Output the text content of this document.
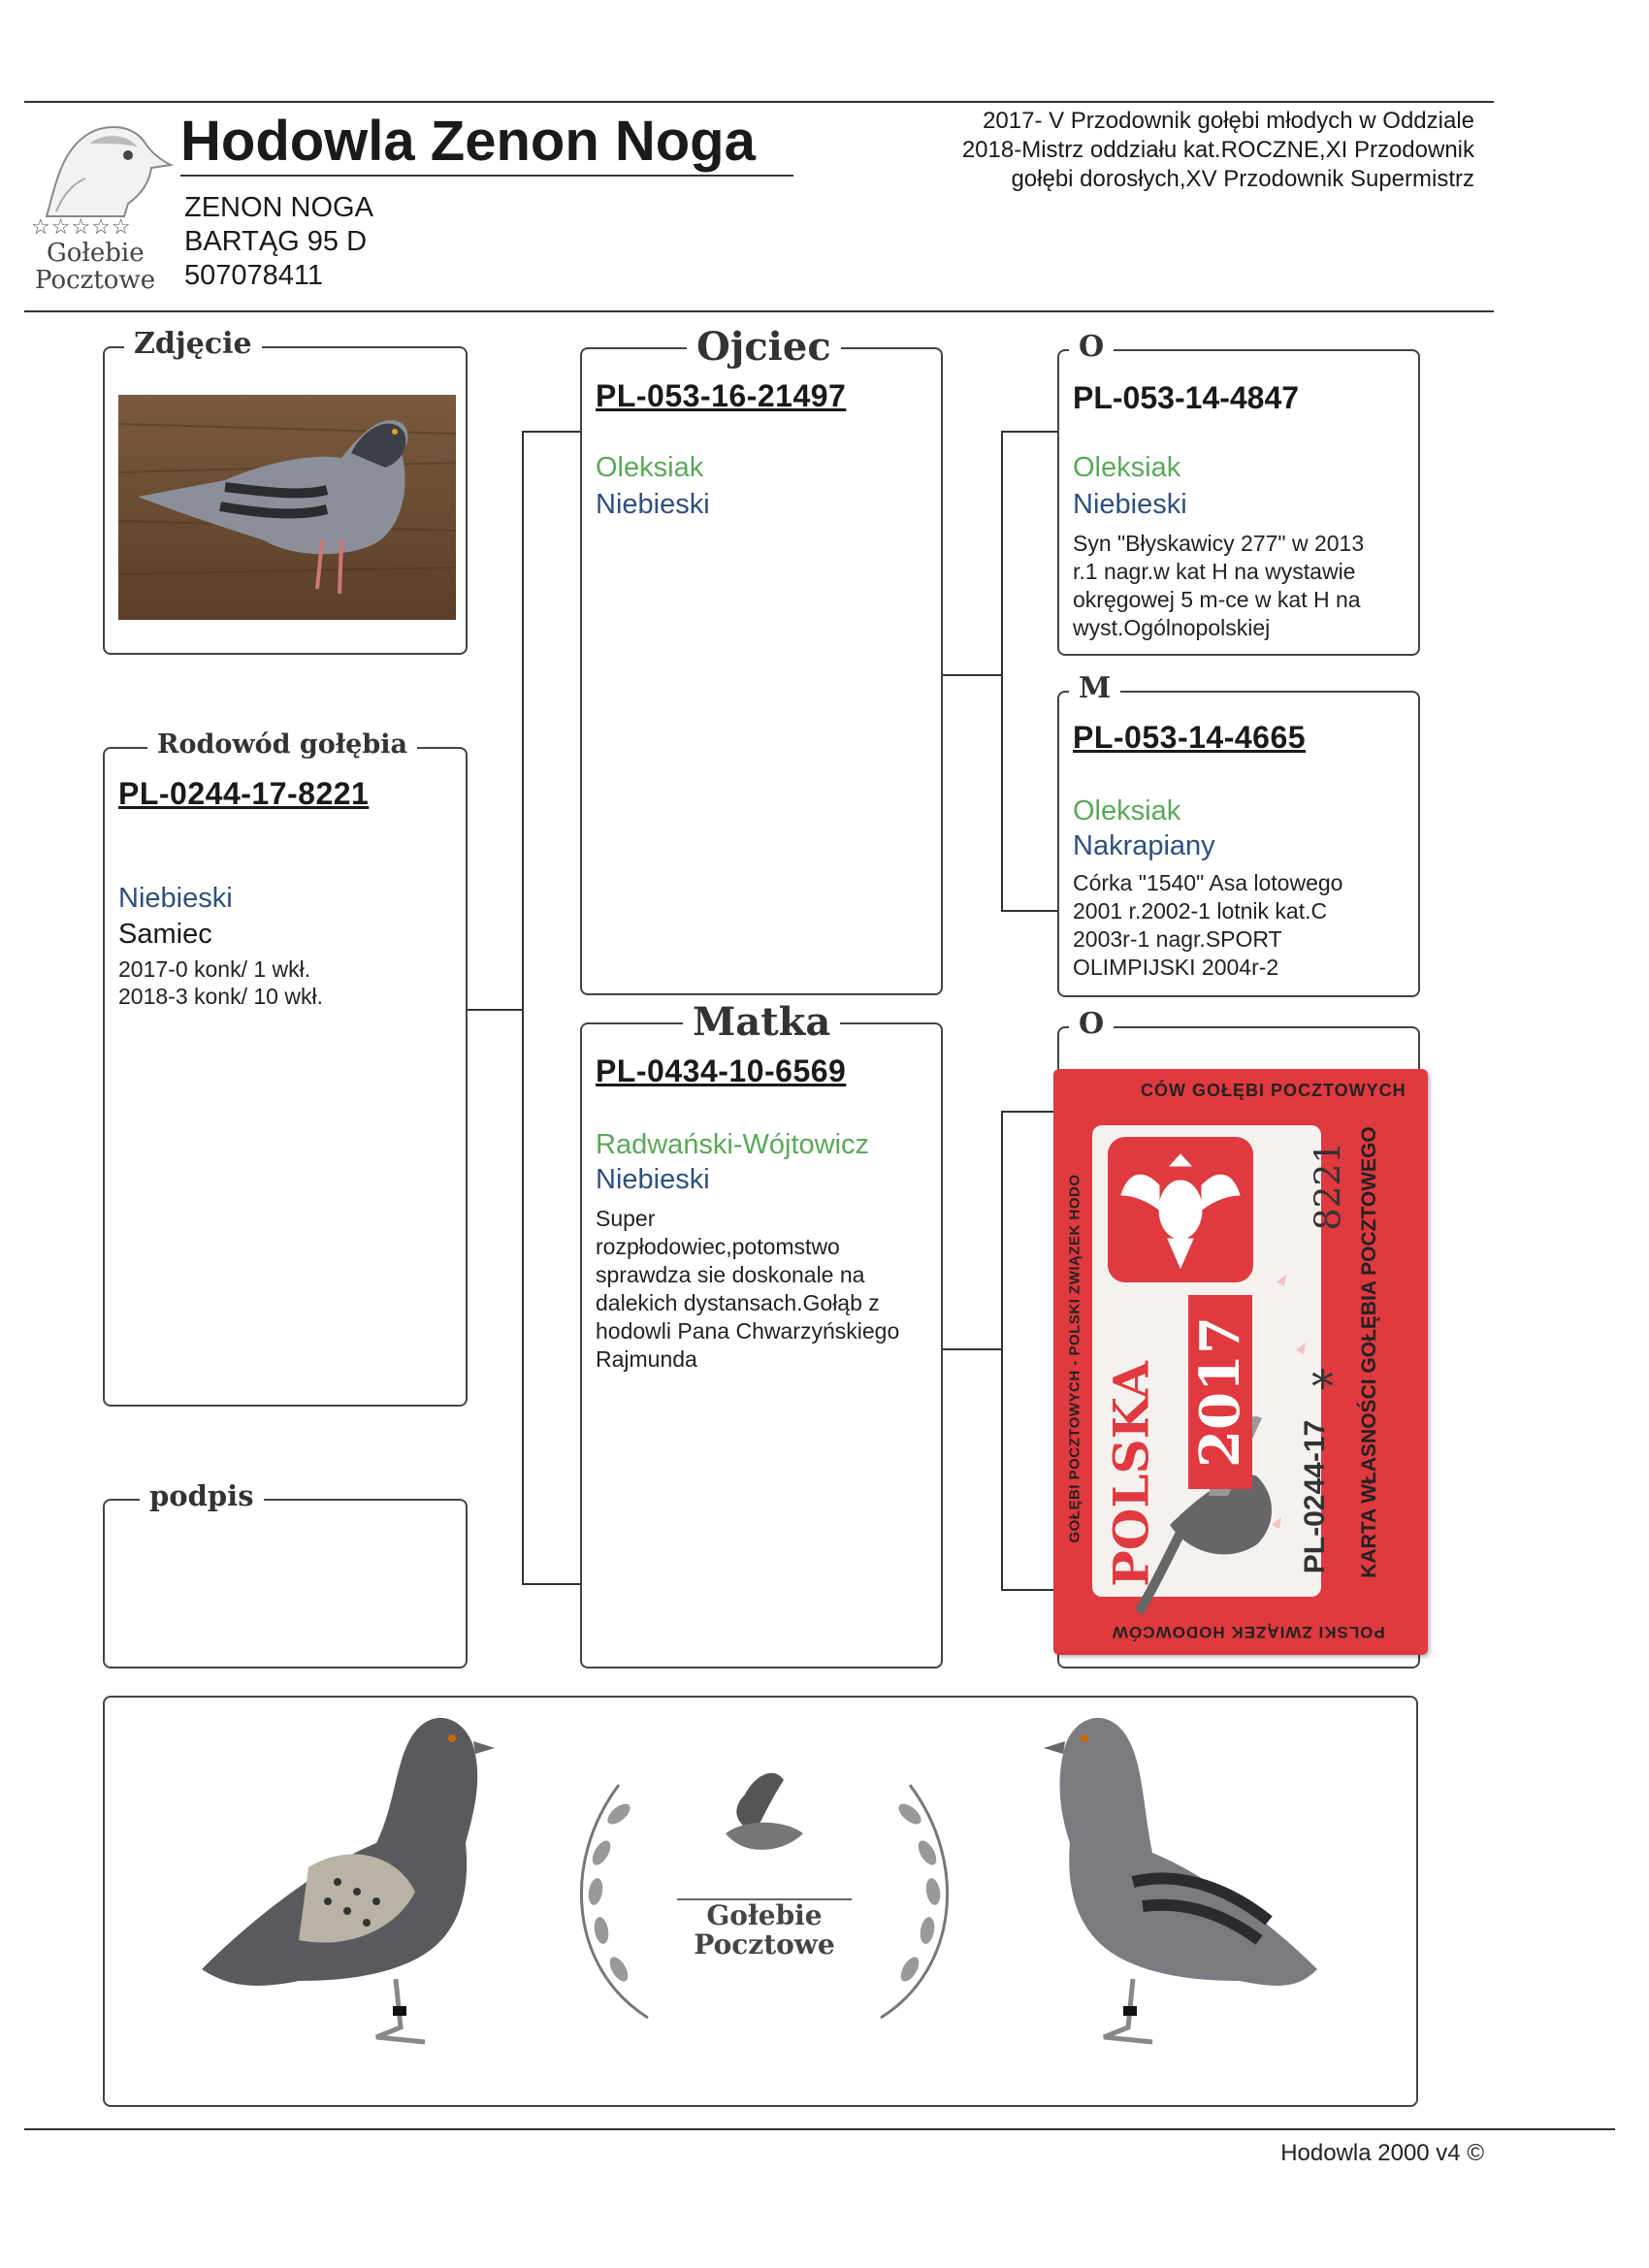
☆☆☆☆☆
Gołebie
Pocztowe
Hodowla Zenon Noga
ZENON NOGA
BARTĄG 95 D
507078411
2017- V Przodownik gołębi młodych w Oddziale
2018-Mistrz oddziału kat.ROCZNE,XI Przodownik
gołębi dorosłych,XV Przodownik Supermistrz
Zdjęcie
Rodowód gołębia
PL-0244-17-8221
Niebieski
Samiec
2017-0 konk/ 1 wkł.
2018-3 konk/ 10 wkł.
podpis
Ojciec
PL-053-16-21497
Oleksiak
Niebieski
Matka
PL-0434-10-6569
Radwański-Wójtowicz
Niebieski
Super
rozpłodowiec,potomstwo
sprawdza sie doskonale na
dalekich dystansach.Gołąb z
hodowli Pana Chwarzyńskiego
Rajmunda
O
PL-053-14-4847
Oleksiak
Niebieski
Syn "Błyskawicy 277" w 2013
r.1 nagr.w kat H na wystawie
okręgowej 5 m-ce w kat H na
wyst.Ogólnopolskiej
M
PL-053-14-4665
Oleksiak
Nakrapiany
Córka "1540" Asa lotowego
2001 r.2002-1 lotnik kat.C
2003r-1 nagr.SPORT
OLIMPIJSKI 2004r-2
O
CÓW GOŁĘBI POCZTOWYCH
GOŁĘBI POCZTOWYCH - POLSKI ZWIĄZEK HODO POLSKA 2017 *
8221
PL-0244-17 KARTA WŁASNOŚCI GOŁĘBIA POCZTOWEGO
POLSKI ZWIĄZEK HODOWCÓW
Gołebie
Pocztowe
Hodowla 2000 v4 ©
